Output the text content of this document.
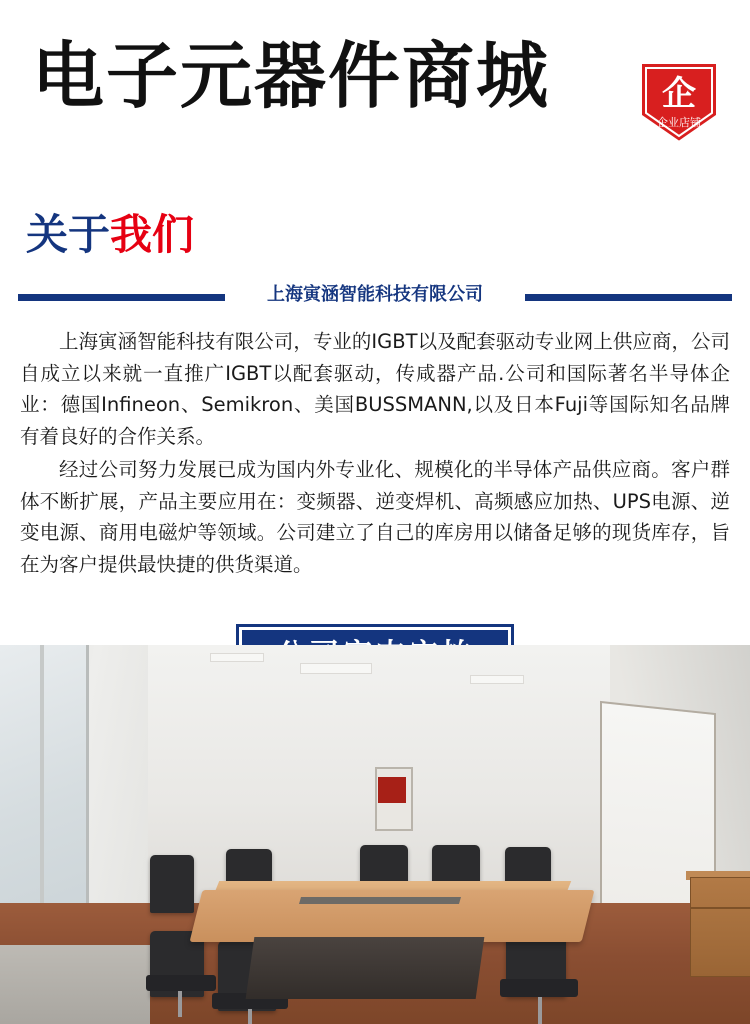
电子元器件商城	企
企业店铺
关于我们
上海寅涵智能科技有限公司

上海寅涵智能科技有限公司，专业的IGBT以及配套驱动专业网上供应商，公司自成立以来就一直推广IGBT以配套驱动，传咸器产品.公司和国际著名半导体企业：德国Infineon、Semikron、美国BUSSMANN,以及日本Fuji等国际知名品牌有着良好的合作关系。

经过公司努力发展已成为国内外专业化、规模化的半导体产品供应商。客户群体不断扩展，产品主要应用在：变频器、逆变焊机、高频感应加热、UPS电源、逆变电源、商用电磁炉等领域。公司建立了自己的库房用以储备足够的现货库存，旨在为客户提供最快捷的供货渠道。
